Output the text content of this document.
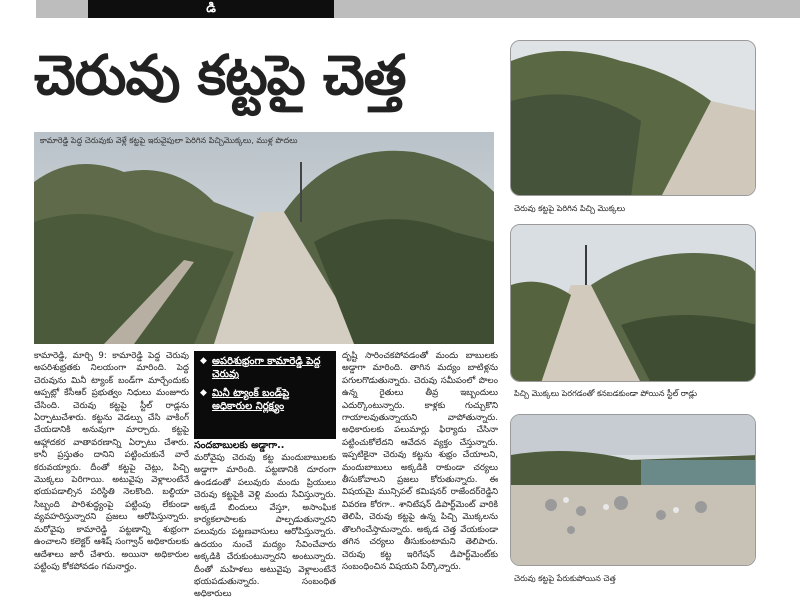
డి
చెరువు కట్టపై చెత్త
కామారెడ్డి పెద్ద చెరువుకు వెళ్లే కట్టపై ఇరువైపులా పెరిగిన పిచ్చిమొక్కలు, ముళ్ల పొదలు
కామారెడ్డి, మార్చి 9: కామారెడ్డి పెద్ద చెరువు అపరిశుభ్రతకు నిలయంగా మారింది. పెద్ద చెరువును మినీ ట్యాంక్ బండ్‌గా మార్చేందుకు ఆప్పట్లో కేసీఆర్ ప్రభుత్వం నిధులు మంజూరు చేసింది. చెరువు కట్టపై స్టీల్ రాడ్లను ఏర్పాటుచేశారు. కట్టను వెడల్పు చేసి వాకింగ్ చేయడానికి అనువుగా మార్చారు. కట్టపై ఆహ్లాదకర వాతావరణాన్ని ఏర్పాటు చేశారు. కానీ ప్రస్తుతం దానిని పట్టించుకునే వారే కరువయ్యారు. దీంతో కట్టపై చెట్లు, పిచ్చి మొక్కలు పెరిగాయి. అటువైపు వెళ్లాలంటేనే భయపడాల్సిన పరిస్థితి నెలకొంది. బల్దియా సిబ్బంది పారిశుద్ధ్యంపై పట్టింపు లేకుండా వ్యవహరిస్తున్నారని ప్రజలు ఆరోపిస్తున్నారు. మరోవైపు కామారెడ్డి పట్టణాన్ని శుభ్రంగా ఉంచాలని కలెక్టర్ ఆశిష్ సంగ్వాన్ అధికారులకు ఆదేశాలు జారీ చేశారు. అయినా అధికారుల పట్టింపు కోకపోవడం గమనార్హం.
◆ అపరిశుభ్రంగా కామారెడ్డి పెద్ద చెరువు
◆ మినీ ట్యాంక్ బండ్‌పై అధికారుల నిర్లక్ష్యం
సందబాబులకు అడ్డాగా..
మరోవైపు చెరువు కట్ట మందుబాబులకు అడ్డాగా మారింది. పట్టణానికి దూరంగా ఉండడంతో పలువురు మందు ప్రియులు చెరువు కట్టపైకి వెళ్లి మందు సేవిస్తున్నారు. అక్కడే బిందులు వేస్తూ, అసాంఘిక కార్యకలాపాలకు పాల్పడుతున్నారని పలువురు పట్టణవాసులు ఆరోపిస్తున్నారు. ఉదయం నుంచే మద్యం సేవించేవారు అక్కడికి చేరుకుంటున్నారని అంటున్నారు. దీంతో మహిళలు అటువైపు వెళ్లాలంటేనే భయపడుతున్నారు. సంబంధిత అధికారులు
దృష్టి సారించకపోవడంతో మందు బాబులకు అడ్డాగా మారింది. తాగిన మద్యం బాటిళ్లను పగులగొడుతున్నారు. చెరువు సమీపంలో పొలం ఉన్న రైతులు తీవ్ర ఇబ్బందులు ఎదుర్కొంటున్నారు. కాళ్లకు గుచ్చుకొని గాయాలవుతున్నాయని వాపోతున్నారు. అధికారులకు పలుమార్లు ఫిర్యాదు చేసినా పట్టించుకోలేదని ఆవేదన వ్యక్తం చేస్తున్నారు. ఇప్పటికైనా చెరువు కట్టను శుభ్రం చేయాలని, మందుబాబులు అక్కడికి రాకుండా చర్యలు తీసుకోవాలని ప్రజలు కోరుతున్నారు. ఈ విషయమై మున్సిపల్ కమిషనర్ రాజేందర్‌రెడ్డిని వివరణ కోరగా.. శానిటేషన్ డిపార్ట్‌మెంట్ వారికి తెలిపి, చెరువు కట్టపై ఉన్న పిచ్చి మొక్కలను తొలగించేస్తామన్నారు. అక్కడ చెత్త వేయకుండా తగిన చర్యలు తీసుకుంటామని తెలిపారు. చెరువు కట్ట ఇరిగేషన్ డిపార్ట్‌మెంట్‌కు సంబంధించిన విషయని పేర్కొన్నారు.
చెరువు కట్టపై పెరిగిన పిచ్చి మొక్కలు
పిచ్చి మొక్కలు పెరగడంతో కనబడకుండా పోయిన స్టీల్ రాడ్లు
చెరువు కట్టపై పేరుకుపోయిన చెత్త
